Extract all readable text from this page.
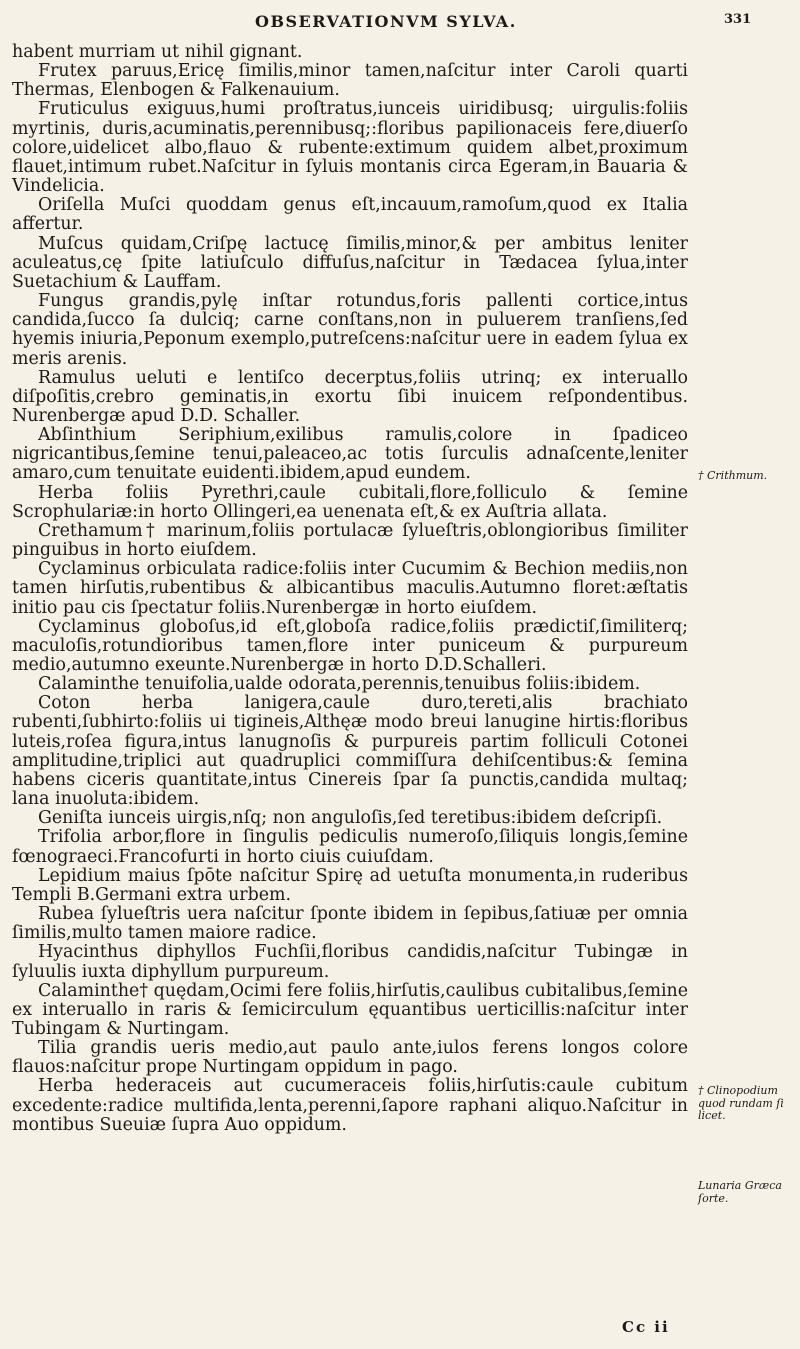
OBSERVATIONVM SYLVA.	331

habent murriam ut nihil gignant.

Frutex paruus,Ericę ſimilis,minor tamen,naſcitur inter Caroli quarti Thermas, Elenbogen & Falkenauium.

Fruticulus exiguus,humi proſtratus,iunceis uiridibusq; uirgulis:foliis myrtinis, duris,acuminatis,perennibusq;:floribus papilionaceis fere,diuerſo colore,uidelicet albo,flauo & rubente:extimum quidem albet,proximum flauet,intimum rubet.Naſcitur in ſyluis montanis circa Egeram,in Bauaria & Vindelicia.

Oriſella Muſci quoddam genus eſt,incauum,ramoſum,quod ex Italia affertur.

Muſcus quidam,Criſpę lactucę ſimilis,minor,& per ambitus leniter aculeatus,cę ſpite latiuſculo diffuſus,naſcitur in Tædacea ſylua,inter Suetachium & Lauffam.

Fungus grandis,pylę inſtar rotundus,foris pallenti cortice,intus candida,ſucco ſa dulciq; carne conſtans,non in puluerem tranſiens,ſed hyemis iniuria,Peponum exemplo,putreſcens:naſcitur uere in eadem ſylua ex meris arenis.

Ramulus ueluti e lentiſco decerptus,foliis utrinq; ex interuallo diſpoſitis,crebro geminatis,in exortu ſibi inuicem reſpondentibus. Nurenbergæ apud D.D. Schaller.

Abſinthium Seriphium,exilibus ramulis,colore in ſpadiceo nigricantibus,ſemine tenui,paleaceo,ac totis ſurculis adnaſcente,leniter amaro,cum tenuitate euidenti.ibidem,apud eundem.

Herba foliis Pyrethri,caule cubitali,flore,folliculo & ſemine Scrophulariæ:in horto Ollingeri,ea uenenata eſt,& ex Auſtria allata.

Crethamum† marinum,foliis portulacæ ſylueſtris,oblongioribus ſimiliter pinguibus in horto eiuſdem.

Cyclaminus orbiculata radice:foliis inter Cucumim & Bechion mediis,non tamen hirſutis,rubentibus & albicantibus maculis.Autumno floret:æſtatis initio pau cis ſpectatur foliis.Nurenbergæ in horto eiuſdem.

Cyclaminus globoſus,id eſt,globoſa radice,foliis prædictiſ,ſimiliterq; maculoſis,rotundioribus tamen,flore inter puniceum & purpureum medio,autumno exeunte.Nurenbergæ in horto D.D.Schalleri.

Calaminthe tenuifolia,ualde odorata,perennis,tenuibus foliis:ibidem.

Coton herba lanigera,caule duro,tereti,alis brachiato rubenti,ſubhirto:foliis ui tigineis,Althęæ modo breui lanugine hirtis:floribus luteis,roſea figura,intus lanugnoſis & purpureis partim folliculi Cotonei amplitudine,triplici aut quadruplici commiſſura dehiſcentibus:& ſemina habens ciceris quantitate,intus Cinereis ſpar ſa punctis,candida multaq; lana inuoluta:ibidem.

Geniſta iunceis uirgis,nſq; non anguloſis,ſed teretibus:ibidem deſcripſi.

Trifolia arbor,flore in ſingulis pediculis numeroſo,ſiliquis longis,ſemine fœnograeci.Francofurti in horto ciuis cuiuſdam.

Lepidium maius ſpōte naſcitur Spirę ad uetuſta monumenta,in ruderibus Templi B.Germani extra urbem.

Rubea ſylueſtris uera naſcitur ſponte ibidem in ſepibus,ſatiuæ per omnia ſimilis,multo tamen maiore radice.

Hyacinthus diphyllos Fuchſii,floribus candidis,naſcitur Tubingæ in ſyluulis iuxta diphyllum purpureum.

Calaminthe† quędam,Ocimi fere foliis,hirſutis,caulibus cubitalibus,ſemine ex interuallo in raris & ſemicirculum ęquantibus uerticillis:naſcitur inter Tubingam & Nurtingam.

Tilia grandis ueris medio,aut paulo ante,iulos ferens longos colore flauos:naſcitur prope Nurtingam oppidum in pago.

Herba hederaceis aut cucumeraceis foliis,hirſutis:caule cubitum excedente:radice multifida,lenta,perenni,ſapore raphani aliquo.Naſcitur in montibus Sueuiæ ſupra Auo oppidum.

† Crithmum.
† Clinopodium quod rundam ſi licet.
Lunaria Græca ſorte.
Cc ii
